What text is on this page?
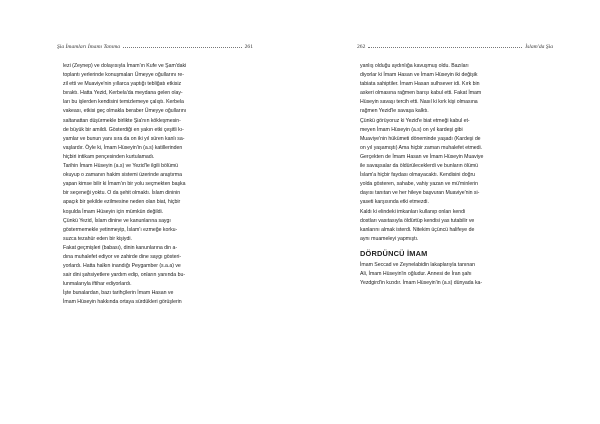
Şia İmamları İmamı Tanıma	261
lezi (Zeynep) ve dolayısıyla İmam'ın Kufe ve Şam'daki
toplantı yerlerinde konuşmaları Ümeyye oğullarını re-
zil etti ve Muaviye'nin yıllarca yaptığı tebliğatı etkisiz
bıraktı. Hatta Yezid, Kerbela'da meydana gelen olay-
ları bu işlerden kendisini temizlemeye çalıştı. Kerbela
vakeası, etkisi geç olmakla beraber Ümeyye oğullarını
saltanattan düşürmekle birlikte Şia'nın kökleşmesin-
de büyük bir amildi. Gösterdiği en yakın etki çeşitli kı-
yamlar ve bunun yanı sıra da on iki yıl süren kanlı sa-
vaşlardır. Öyle ki, İmam Hüseyin'in (a.s) katillerinden
hiçbiri intikam pençesinden kurtulamadı.
Tarihin İmam Hüseyin (a.s) ve Yezid'le ilgili bölümü
okuyup o zamanın hakim sistemi üzerinde araştırma
yapan kimse bilir ki İmam'ın bir yolu seçmekten başka
bir seçeneği yoktu. O da şehit olmaktı. İslam dininin
apaçık bir şekilde ezilmesine neden olan biat, hiçbir
koşulda İmam Hüseyin için mümkün değildi.
Çünkü Yezid, İslam dinine ve kanunlarına saygı
göstermemekle yetinmeyip, İslam'ı ezmeğe korku-
suzca tezahür eden bir kişiydi.
Fakat geçmişleri (babası), dinin kanunlarına din a-
dına muhalefet ediyor ve zahirde dine saygı gösteri-
yorlardı. Hatta halkın inandığı Peygamber (s.a.a) ve
sair dini şahsiyetlere yardım edip, onların yanında bu-
lunmalarıyla iftihar ediyorlardı.
İşte bunalardan, bazı tarihçilerin İmam Hasan ve
İmam Hüseyin hakkında ortaya sürdükleri görüşlerin
262	İslam'da Şia
yanlış olduğu aydınlığa kavuşmuş oldu. Bazıları
diyorlar ki İmam Hasan ve İmam Hüseyin iki değişik
tabiata sahiptiler. İmam Hasan sulhsever idi. Kırk bin
askeri olmasına rağmen barışı kabul etti. Fakat İmam
Hüseyin savaşı tercih etti. Nasıl ki kırk kişi olmasına
rağmen Yezid'le savaşa kalktı.
Çünkü görüyoruz ki Yezid'e biat etmeği kabul et-
meyen İmam Hüseyin (a.s) on yıl kardeşi gibi
Muaviye'nin hükümeti döneminde yaşadı (Kardeşi de
on yıl yaşamıştı) Ama hiçbir zaman muhalefet etmedi.
Gerçekten de İmam Hasan ve İmam Hüseyin Muaviye
ile savaşsalar da öldürüleceklerdi ve bunların ölümü
İslam'a hiçbir faydası olmayacaktı. Kendisini doğru
yolda gösteren, sahabe, vahiy yazan ve mü'minlerin
dayısı tanıtan ve her hileye başvuran Muaviye'nin si-
yaseti karşısında etki etmezdi.
Kaldı ki elindeki imkanları kullanıp onları kendi
dostları vasıtasıyla öldürtüp kendisi yas tutabilir ve
kanlarını almak isterdi. Nitekim üçüncü halifeye de
aynı muameleyi yapmıştı.
DÖRDÜNCÜ İMAM
İmam Seccad ve Zeynelabidin lakaplarıyla tanınan
Ali, İmam Hüseyin'in oğludur. Annesi de İran şahı
Yezdgird'in kızıdır. İmam Hüseyin'in (a.s) dünyada ka-
